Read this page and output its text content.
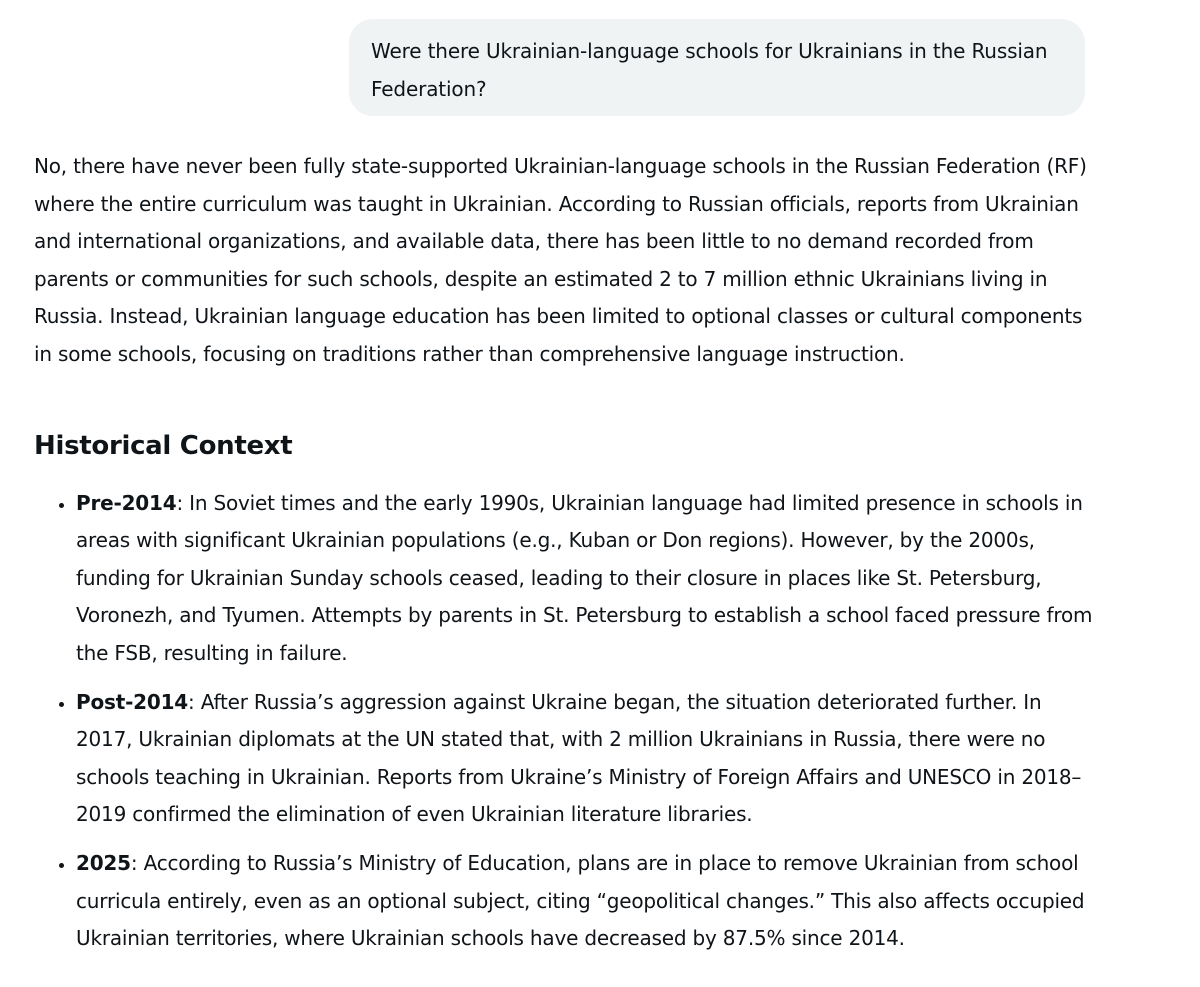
Were there Ukrainian-language schools for Ukrainians in the Russian Federation?

No, there have never been fully state-supported Ukrainian-language schools in the Russian Federation (RF) where the entire curriculum was taught in Ukrainian. According to Russian officials, reports from Ukrainian and international organizations, and available data, there has been little to no demand recorded from parents or communities for such schools, despite an estimated 2 to 7 million ethnic Ukrainians living in Russia. Instead, Ukrainian language education has been limited to optional classes or cultural components in some schools, focusing on traditions rather than comprehensive language instruction.

Historical Context
• Pre-2014: In Soviet times and the early 1990s, Ukrainian language had limited presence in schools in areas with significant Ukrainian populations (e.g., Kuban or Don regions). However, by the 2000s, funding for Ukrainian Sunday schools ceased, leading to their closure in places like St. Petersburg, Voronezh, and Tyumen. Attempts by parents in St. Petersburg to establish a school faced pressure from the FSB, resulting in failure.
• Post-2014: After Russia’s aggression against Ukraine began, the situation deteriorated further. In 2017, Ukrainian diplomats at the UN stated that, with 2 million Ukrainians in Russia, there were no schools teaching in Ukrainian. Reports from Ukraine’s Ministry of Foreign Affairs and UNESCO in 2018–2019 confirmed the elimination of even Ukrainian literature libraries.
• 2025: According to Russia’s Ministry of Education, plans are in place to remove Ukrainian from school curricula entirely, even as an optional subject, citing “geopolitical changes.” This also affects occupied Ukrainian territories, where Ukrainian schools have decreased by 87.5% since 2014.
